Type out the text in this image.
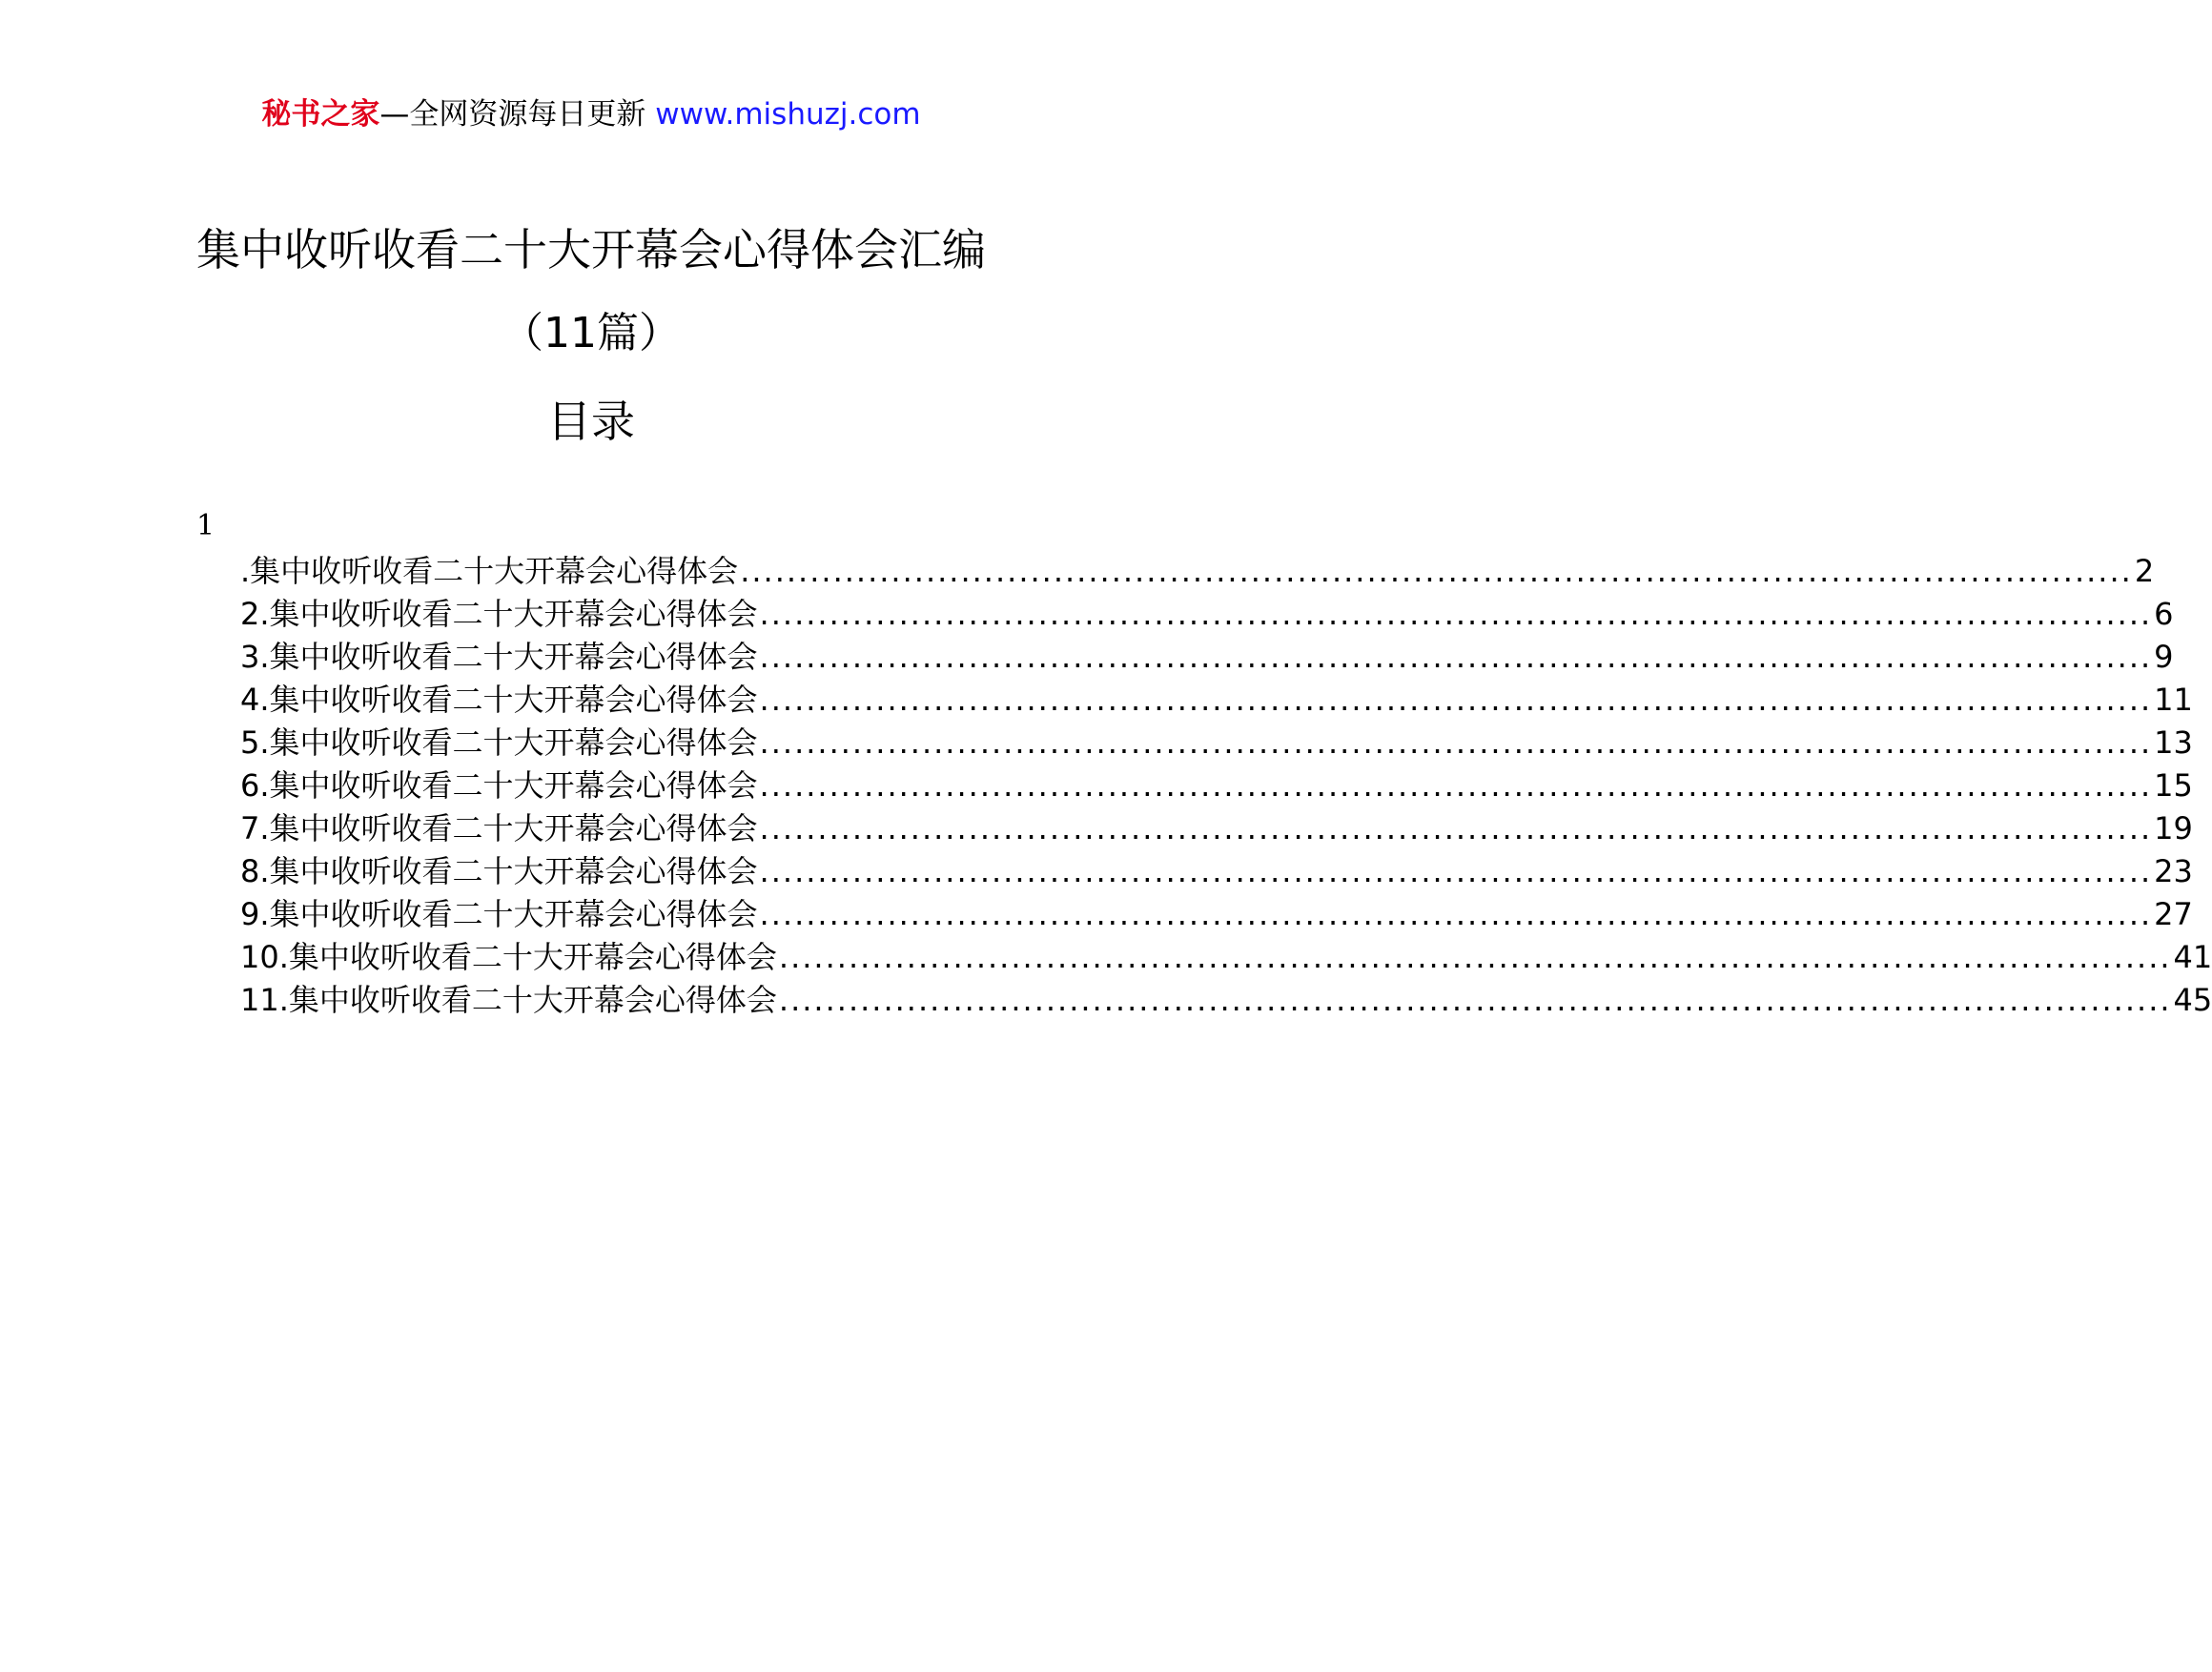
秘书之家—全网资源每日更新 www.mishuzj.com
集中收听收看二十大开幕会心得体会汇编
（11篇）
目录
1
.集中收听收看二十大开幕会心得体会 ........................................................................................................................ 2
2.集中收听收看二十大开幕会心得体会 ........................................................................................................................ 6
3.集中收听收看二十大开幕会心得体会 ........................................................................................................................ 9
4.集中收听收看二十大开幕会心得体会 ........................................................................................................................ 11
5.集中收听收看二十大开幕会心得体会 ........................................................................................................................ 13
6.集中收听收看二十大开幕会心得体会 ........................................................................................................................ 15
7.集中收听收看二十大开幕会心得体会 ........................................................................................................................ 19
8.集中收听收看二十大开幕会心得体会 ........................................................................................................................ 23
9.集中收听收看二十大开幕会心得体会 ........................................................................................................................ 27
10.集中收听收看二十大开幕会心得体会 ........................................................................................................................ 41
11.集中收听收看二十大开幕会心得体会 ........................................................................................................................ 45
